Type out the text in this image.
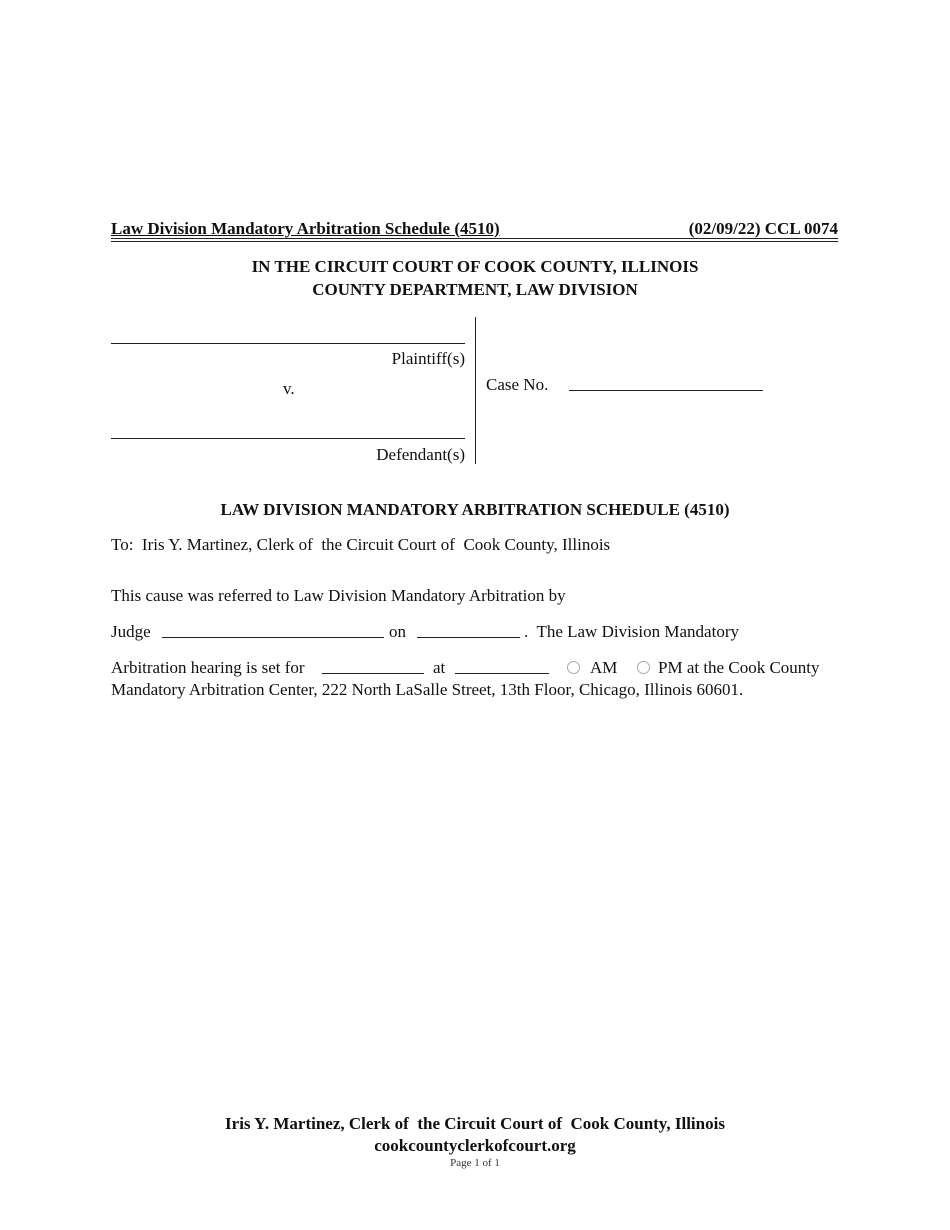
Law Division Mandatory Arbitration Schedule (4510)	(02/09/22) CCL 0074
IN THE CIRCUIT COURT OF COOK COUNTY, ILLINOIS
COUNTY DEPARTMENT, LAW DIVISION
Plaintiff(s)
v.
Defendant(s)
Case No.
LAW DIVISION MANDATORY ARBITRATION SCHEDULE (4510)
To:  Iris Y. Martinez, Clerk of  the Circuit Court of  Cook County, Illinois
This cause was referred to Law Division Mandatory Arbitration by
Judge	on	.  The Law Division Mandatory
Arbitration hearing is set for	at	AM PM at the Cook County
Mandatory Arbitration Center, 222 North LaSalle Street, 13th Floor, Chicago, Illinois 60601.
Iris Y. Martinez, Clerk of  the Circuit Court of  Cook County, Illinois
cookcountyclerkofcourt.org
Page 1 of 1
